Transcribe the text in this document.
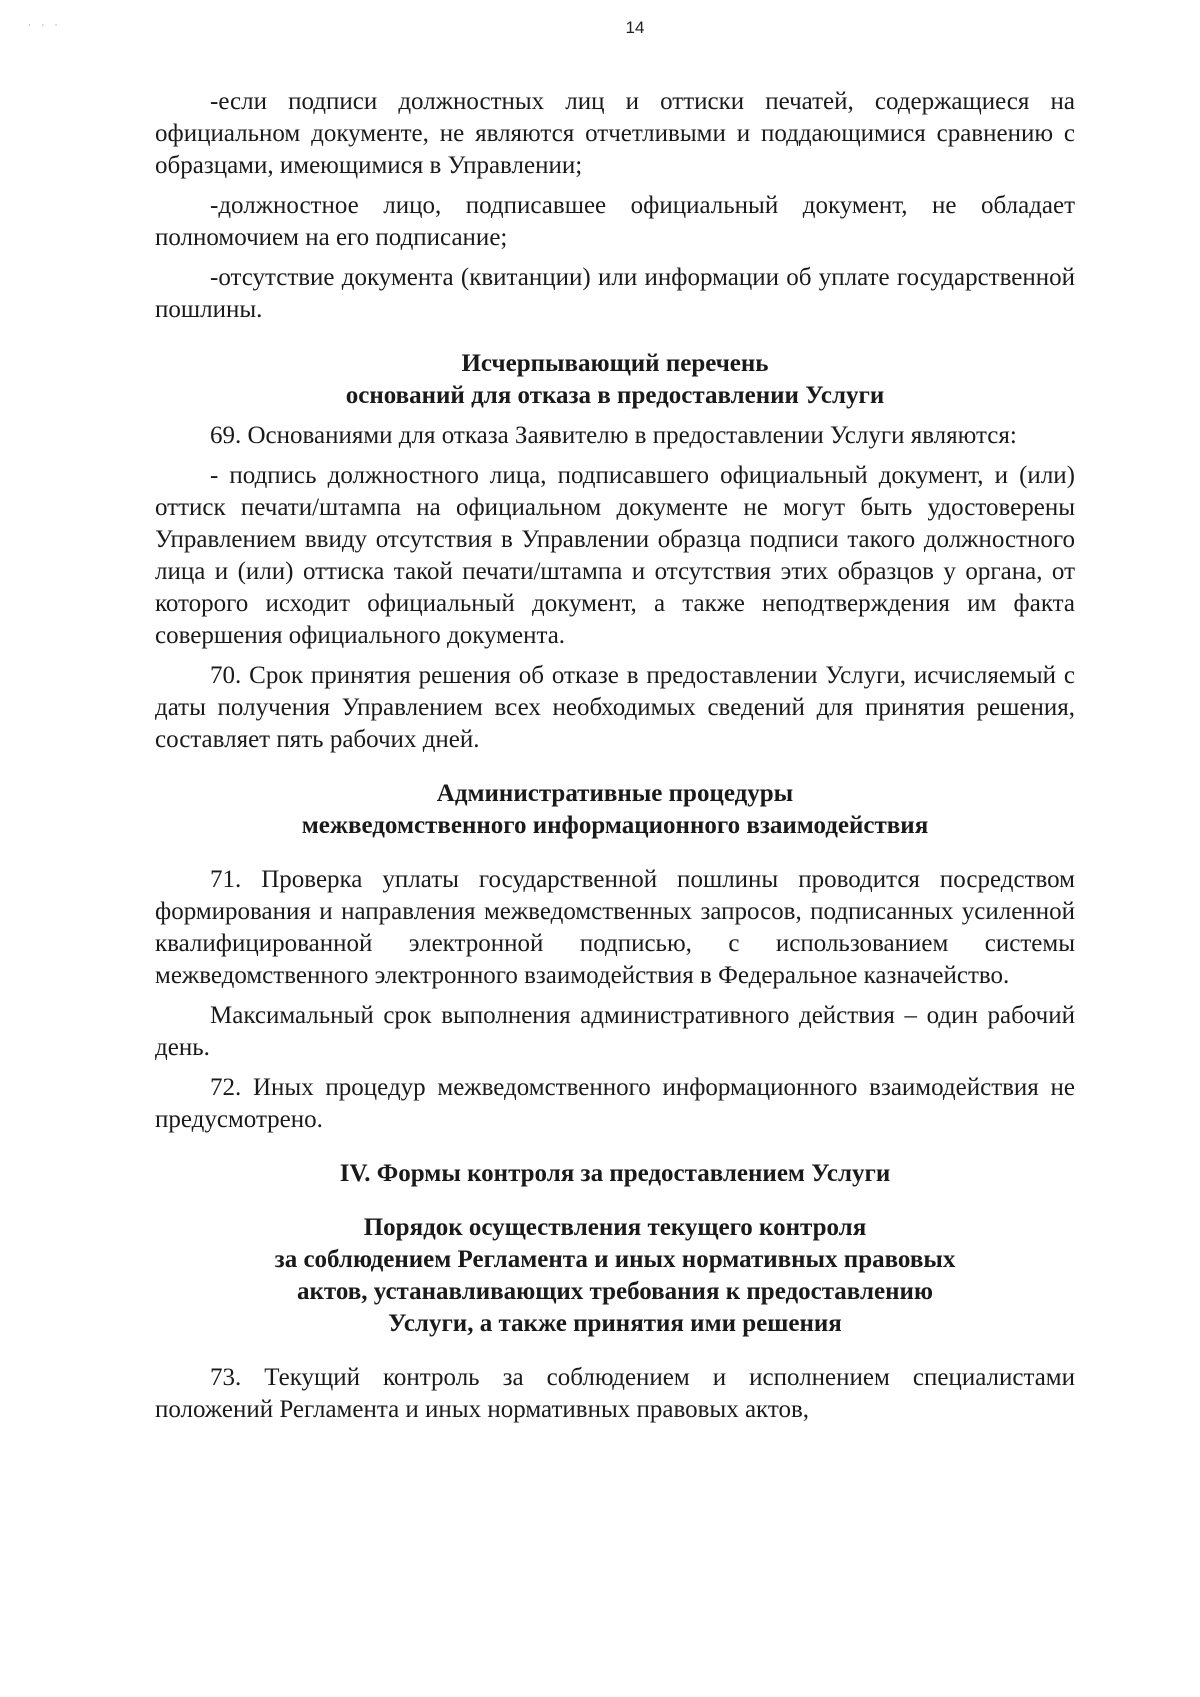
˙ ˙ ˙	14

-если подписи должностных лиц и оттиски печатей, содержащиеся на официальном документе, не являются отчетливыми и поддающимися сравнению с образцами, имеющимися в Управлении;

-должностное лицо, подписавшее официальный документ, не обладает полномочием на его подписание;

-отсутствие документа (квитанции) или информации об уплате государственной пошлины.

Исчерпывающий перечень
оснований для отказа в предоставлении Услуги

69. Основаниями для отказа Заявителю в предоставлении Услуги являются:

- подпись должностного лица, подписавшего официальный документ, и (или) оттиск печати/штампа на официальном документе не могут быть удостоверены Управлением ввиду отсутствия в Управлении образца подписи такого должностного лица и (или) оттиска такой печати/штампа и отсутствия этих образцов у органа, от которого исходит официальный документ, а также неподтверждения им факта совершения официального документа.

70. Срок принятия решения об отказе в предоставлении Услуги, исчисляемый с даты получения Управлением всех необходимых сведений для принятия решения, составляет пять рабочих дней.

Административные процедуры
межведомственного информационного взаимодействия

71. Проверка уплаты государственной пошлины проводится посредством формирования и направления межведомственных запросов, подписанных усиленной квалифицированной электронной подписью, с использованием системы межведомственного электронного взаимодействия в Федеральное казначейство.

Максимальный срок выполнения административного действия – один рабочий день.

72. Иных процедур межведомственного информационного взаимодействия не предусмотрено.

IV. Формы контроля за предоставлением Услуги
Порядок осуществления текущего контроля
за соблюдением Регламента и иных нормативных правовых
актов, устанавливающих требования к предоставлению
Услуги, а также принятия ими решения

73. Текущий контроль за соблюдением и исполнением специалистами положений Регламента и иных нормативных правовых актов,
